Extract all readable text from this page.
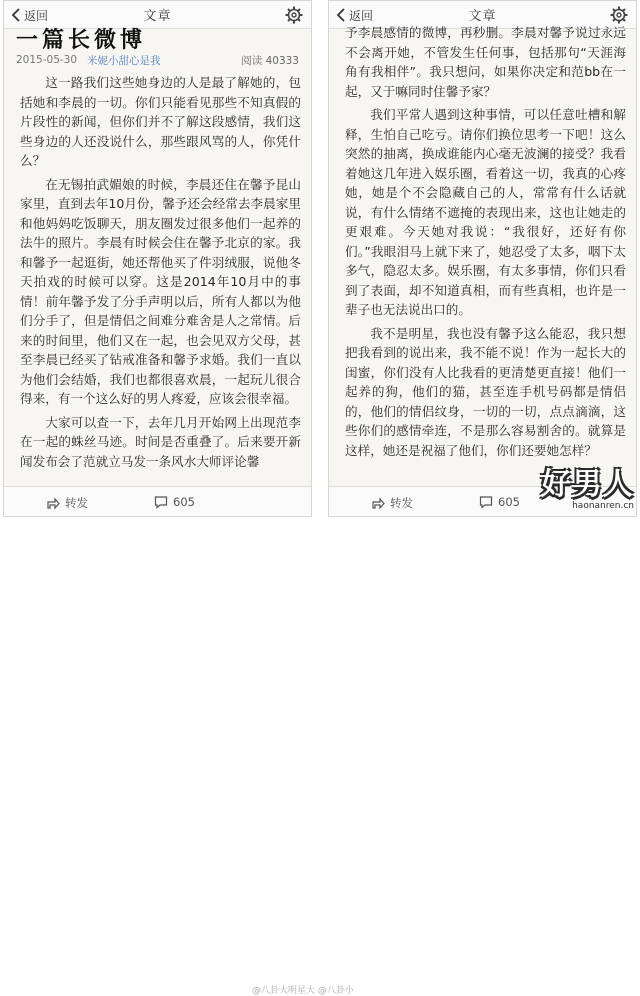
返回	文章
一篇长微博
2015-05-30 米妮小甜心是我	阅读 40333

这一路我们这些她身边的人是最了解她的，包括她和李晨的一切。你们只能看见那些不知真假的片段性的新闻，但你们并不了解这段感情，我们这些身边的人还没说什么，那些跟风骂的人，你凭什么？

在无锡拍武媚娘的时候，李晨还住在馨予昆山家里，直到去年10月份，馨予还会经常去李晨家里和他妈妈吃饭聊天，朋友圈发过很多他们一起养的法牛的照片。李晨有时候会住在馨予北京的家。我和馨予一起逛街，她还帮他买了件羽绒服，说他冬天拍戏的时候可以穿。这是2014年10月中的事情！前年馨予发了分手声明以后，所有人都以为他们分手了，但是情侣之间难分难舍是人之常情。后来的时间里，他们又在一起，也会见双方父母，甚至李晨已经买了钻戒准备和馨予求婚。我们一直以为他们会结婚，我们也都很喜欢晨，一起玩儿很合得来，有一个这么好的男人疼爱，应该会很幸福。

大家可以查一下，去年几月开始网上出现范李在一起的蛛丝马迹。时间是否重叠了。后来要开新闻发布会了范就立马发一条风水大师评论馨

转发	605
@八卦大明星大 @八卦小
返回	文章

予李晨感情的微博，再秒删。李晨对馨予说过永远不会离开她，不管发生任何事，包括那句“天涯海角有我相伴”。我只想问，如果你决定和范bb在一起，又于嘛同时住馨予家？

我们平常人遇到这种事情，可以任意吐槽和解释，生怕自己吃亏。请你们换位思考一下吧！这么突然的抽离，换成谁能内心毫无波澜的接受？我看着她这几年进入娱乐圈，看着这一切，我真的心疼她，她是个不会隐藏自己的人，常常有什么话就说，有什么情绪不遮掩的表现出来，这也让她走的更艰难。今天她对我说：“我很好，还好有你们。”我眼泪马上就下来了，她忍受了太多，咽下太多气，隐忍太多。娱乐圈，有太多事情，你们只看到了表面，却不知道真相，而有些真相，也许是一辈子也无法说出口的。

我不是明星，我也没有馨予这么能忍，我只想把我看到的说出来，我不能不说！作为一起长大的闺蜜，你们没有人比我看的更清楚更直接！他们一起养的狗，他们的猫，甚至连手机号码都是情侣的，他们的情侣纹身，一切的一切，点点滴滴，这些你们的感情牵连，不是那么容易割舍的。就算是这样，她还是祝福了他们，你们还要她怎样？

转发	605 好男人
haonanren.cn
